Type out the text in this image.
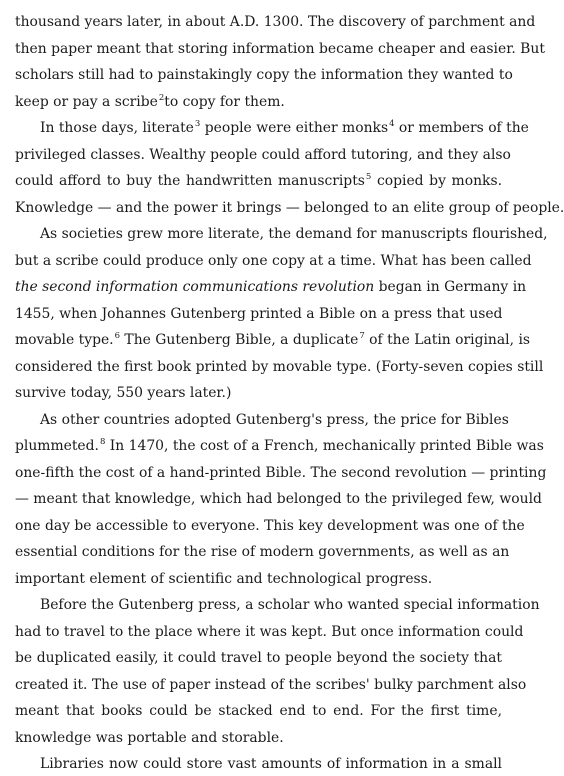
thousand years later, in about A.D. 1300. The discovery of parchment and
then paper meant that storing information became cheaper and easier. But
scholars still had to painstakingly copy the information they wanted to
keep or pay a scribe$^2$to copy for them.
In those days, literate$^3$ people were either monks$^4$ or members of the
privileged classes. Wealthy people could afford tutoring, and they also
could afford to buy the handwritten manuscripts$^5$ copied by monks.
Knowledge — and the power it brings — belonged to an elite group of people.
As societies grew more literate, the demand for manuscripts flourished,
but a scribe could produce only one copy at a time. What has been called
the second information communications revolution began in Germany in
1455, when Johannes Gutenberg printed a Bible on a press that used
movable type.$^6$ The Gutenberg Bible, a duplicate$^7$ of the Latin original, is
considered the first book printed by movable type. (Forty-seven copies still
survive today, 550 years later.)
As other countries adopted Gutenberg's press, the price for Bibles
plummeted.$^8$ In 1470, the cost of a French, mechanically printed Bible was
one-fifth the cost of a hand-printed Bible. The second revolution — printing
— meant that knowledge, which had belonged to the privileged few, would
one day be accessible to everyone. This key development was one of the
essential conditions for the rise of modern governments, as well as an
important element of scientific and technological progress.
Before the Gutenberg press, a scholar who wanted special information
had to travel to the place where it was kept. But once information could
be duplicated easily, it could travel to people beyond the society that
created it. The use of paper instead of the scribes' bulky parchment also
meant that books could be stacked end to end. For the first time,
knowledge was portable and storable.
Libraries now could store vast amounts of information in a small
